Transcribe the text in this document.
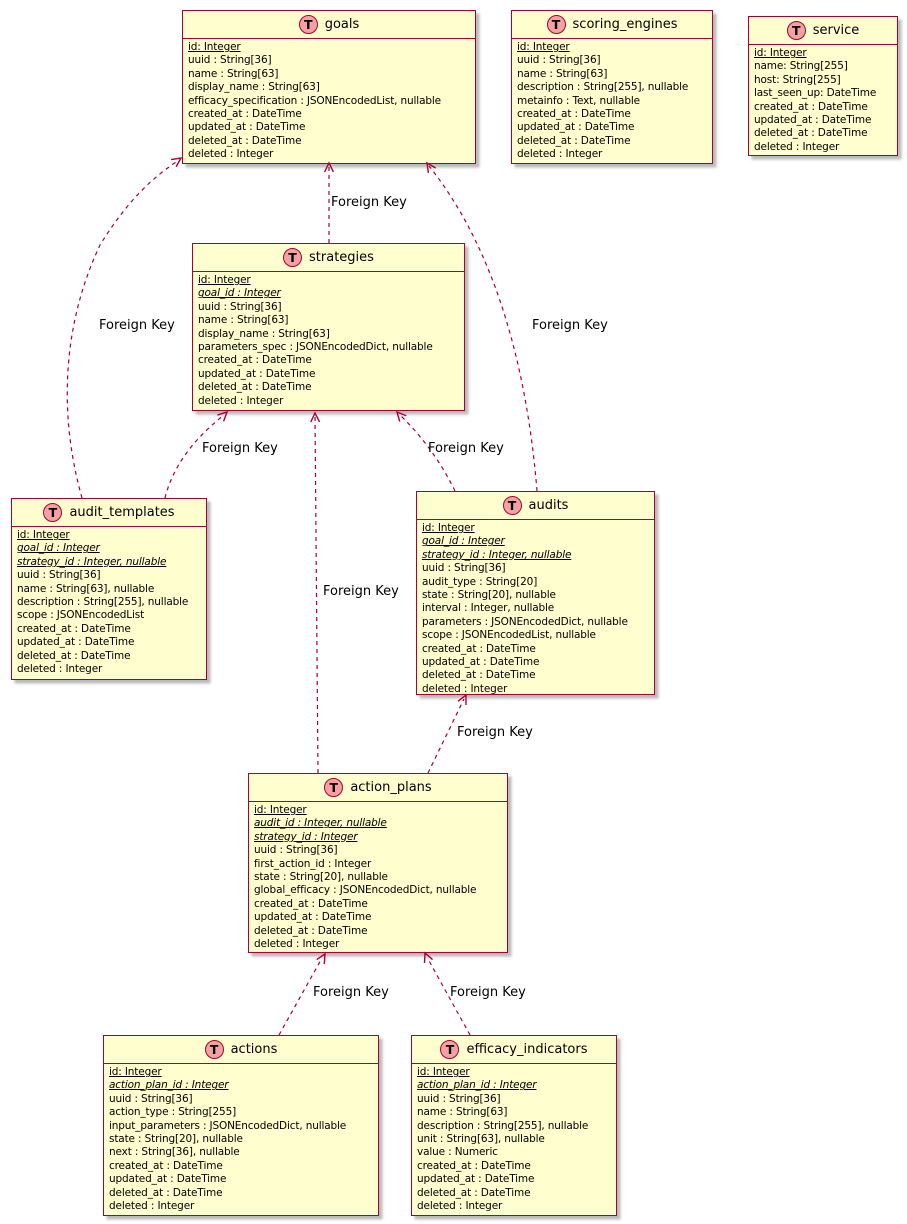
T goals
id: Integer
uuid : String[36]
name : String[63]
display_name : String[63]
efficacy_specification : JSONEncodedList, nullable
created_at : DateTime
updated_at : DateTime
deleted_at : DateTime
deleted : Integer
T scoring_engines
id: Integer
uuid : String[36]
name : String[63]
description : String[255], nullable
metainfo : Text, nullable
created_at : DateTime
updated_at : DateTime
deleted_at : DateTime
deleted : Integer
T service
id: Integer
name: String[255]
host: String[255]
last_seen_up: DateTime
created_at : DateTime
updated_at : DateTime
deleted_at : DateTime
deleted : Integer
T strategies
id: Integer
goal_id : Integer
uuid : String[36]
name : String[63]
display_name : String[63]
parameters_spec : JSONEncodedDict, nullable
created_at : DateTime
updated_at : DateTime
deleted_at : DateTime
deleted : Integer
T audit_templates
id: Integer
goal_id : Integer
strategy_id : Integer, nullable
uuid : String[36]
name : String[63], nullable
description : String[255], nullable
scope : JSONEncodedList
created_at : DateTime
updated_at : DateTime
deleted_at : DateTime
deleted : Integer
T audits
id: Integer
goal_id : Integer
strategy_id : Integer, nullable
uuid : String[36]
audit_type : String[20]
state : String[20], nullable
interval : Integer, nullable
parameters : JSONEncodedDict, nullable
scope : JSONEncodedList, nullable
created_at : DateTime
updated_at : DateTime
deleted_at : DateTime
deleted : Integer
T action_plans
id: Integer
audit_id : Integer, nullable
strategy_id : Integer
uuid : String[36]
first_action_id : Integer
state : String[20], nullable
global_efficacy : JSONEncodedDict, nullable
created_at : DateTime
updated_at : DateTime
deleted_at : DateTime
deleted : Integer
T actions
id: Integer
action_plan_id : Integer
uuid : String[36]
action_type : String[255]
input_parameters : JSONEncodedDict, nullable
state : String[20], nullable
next : String[36], nullable
created_at : DateTime
updated_at : DateTime
deleted_at : DateTime
deleted : Integer
T efficacy_indicators
id: Integer
action_plan_id : Integer
uuid : String[36]
name : String[63]
description : String[255], nullable
unit : String[63], nullable
value : Numeric
created_at : DateTime
updated_at : DateTime
deleted_at : DateTime
deleted : Integer
Foreign Key
Foreign Key	Foreign Key
Foreign Key	Foreign Key
Foreign Key
Foreign Key
Foreign Key	Foreign Key
